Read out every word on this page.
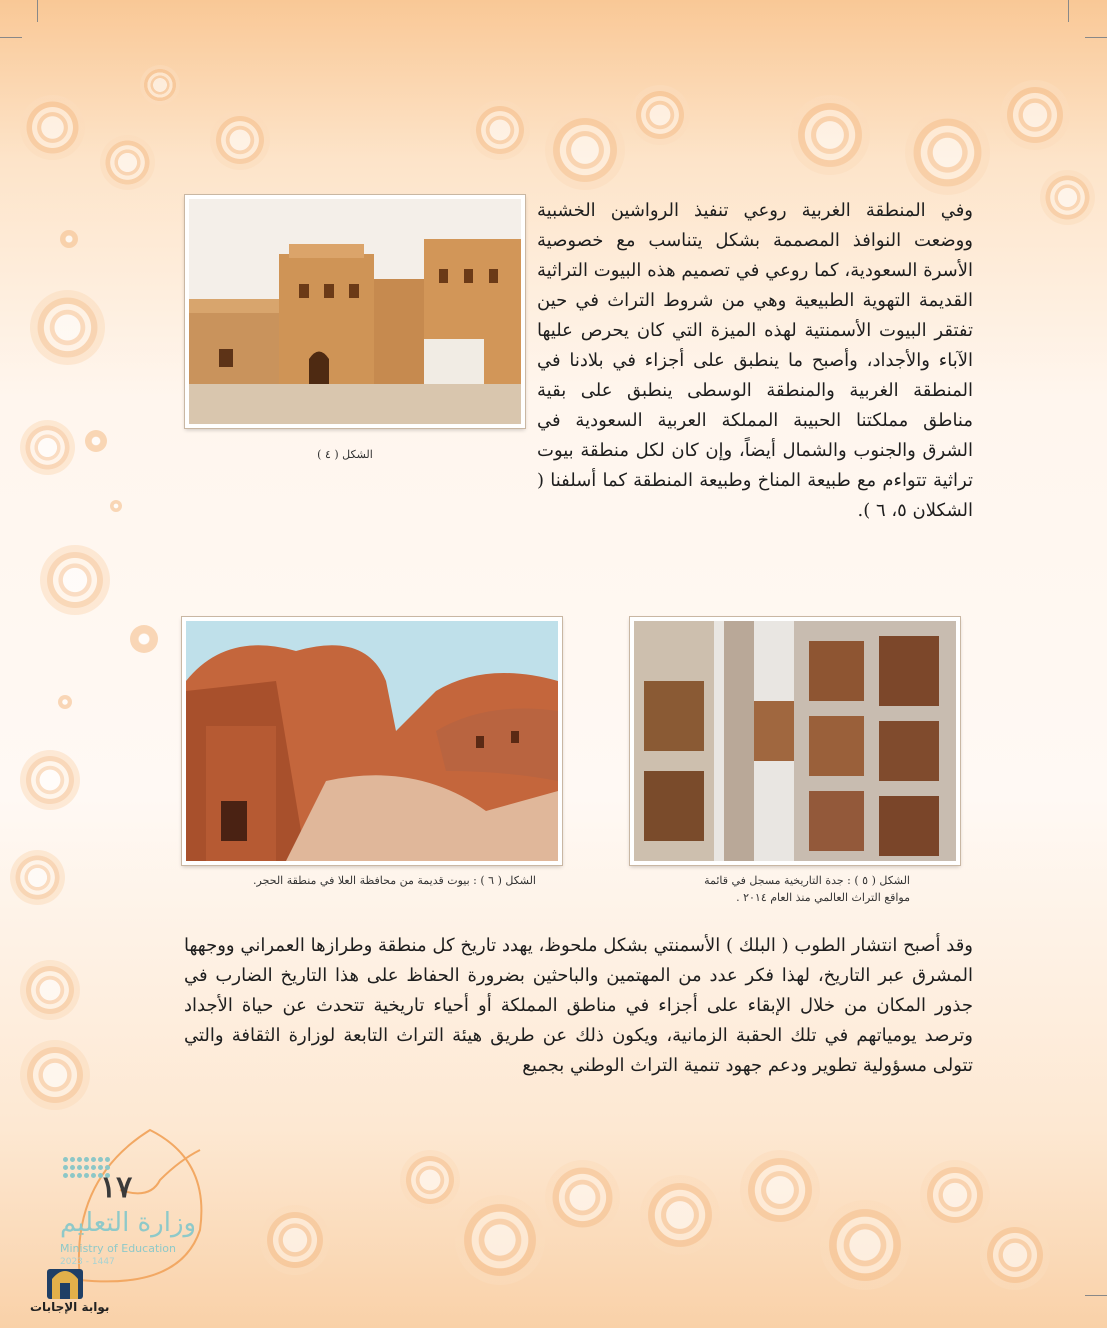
الشكل ( ٤ )

وفي المنطقة الغربية روعي تنفيذ الرواشين الخشبية ووضعت النوافذ المصممة بشكل يتناسب مع خصوصية الأسرة السعودية، كما روعي في تصميم هذه البيوت التراثية القديمة التهوية الطبيعية وهي من شروط التراث في حين تفتقر البيوت الأسمنتية لهذه الميزة التي كان يحرص عليها الآباء والأجداد، وأصبح ما ينطبق على أجزاء في بلادنا في المنطقة الغربية والمنطقة الوسطى ينطبق على بقية مناطق مملكتنا الحبيبة المملكة العربية السعودية في الشرق والجنوب والشمال أيضاً، وإن كان لكل منطقة بيوت تراثية تتواءم مع طبيعة المناخ وطبيعة المنطقة كما أسلفنا ( الشكلان ٥، ٦ ).

الشكل ( ٦ ) : بيوت قديمة من محافظة العلا في منطقة الحجر.	الشكل ( ٥ ) : جدة التاريخية مسجل في قائمة
مواقع التراث العالمي منذ العام ٢٠١٤ .

وقد أصبح انتشار الطوب ( البلك ) الأسمنتي بشكل ملحوظ، يهدد تاريخ كل منطقة وطرازها العمراني ووجهها المشرق عبر التاريخ، لهذا فكر عدد من المهتمين والباحثين بضرورة الحفاظ على هذا التاريخ الضارب في جذور المكان من خلال الإبقاء على أجزاء في مناطق المملكة أو أحياء تاريخية تتحدث عن حياة الأجداد وترصد يومياتهم في تلك الحقبة الزمانية، ويكون ذلك عن طريق هيئة التراث التابعة لوزارة الثقافة والتي تتولى مسؤولية تطوير ودعم جهود تنمية التراث الوطني بجميع

١٧
وزارة التعليم
Ministry of Education
2023 - 1447
بوابة الإجابات
